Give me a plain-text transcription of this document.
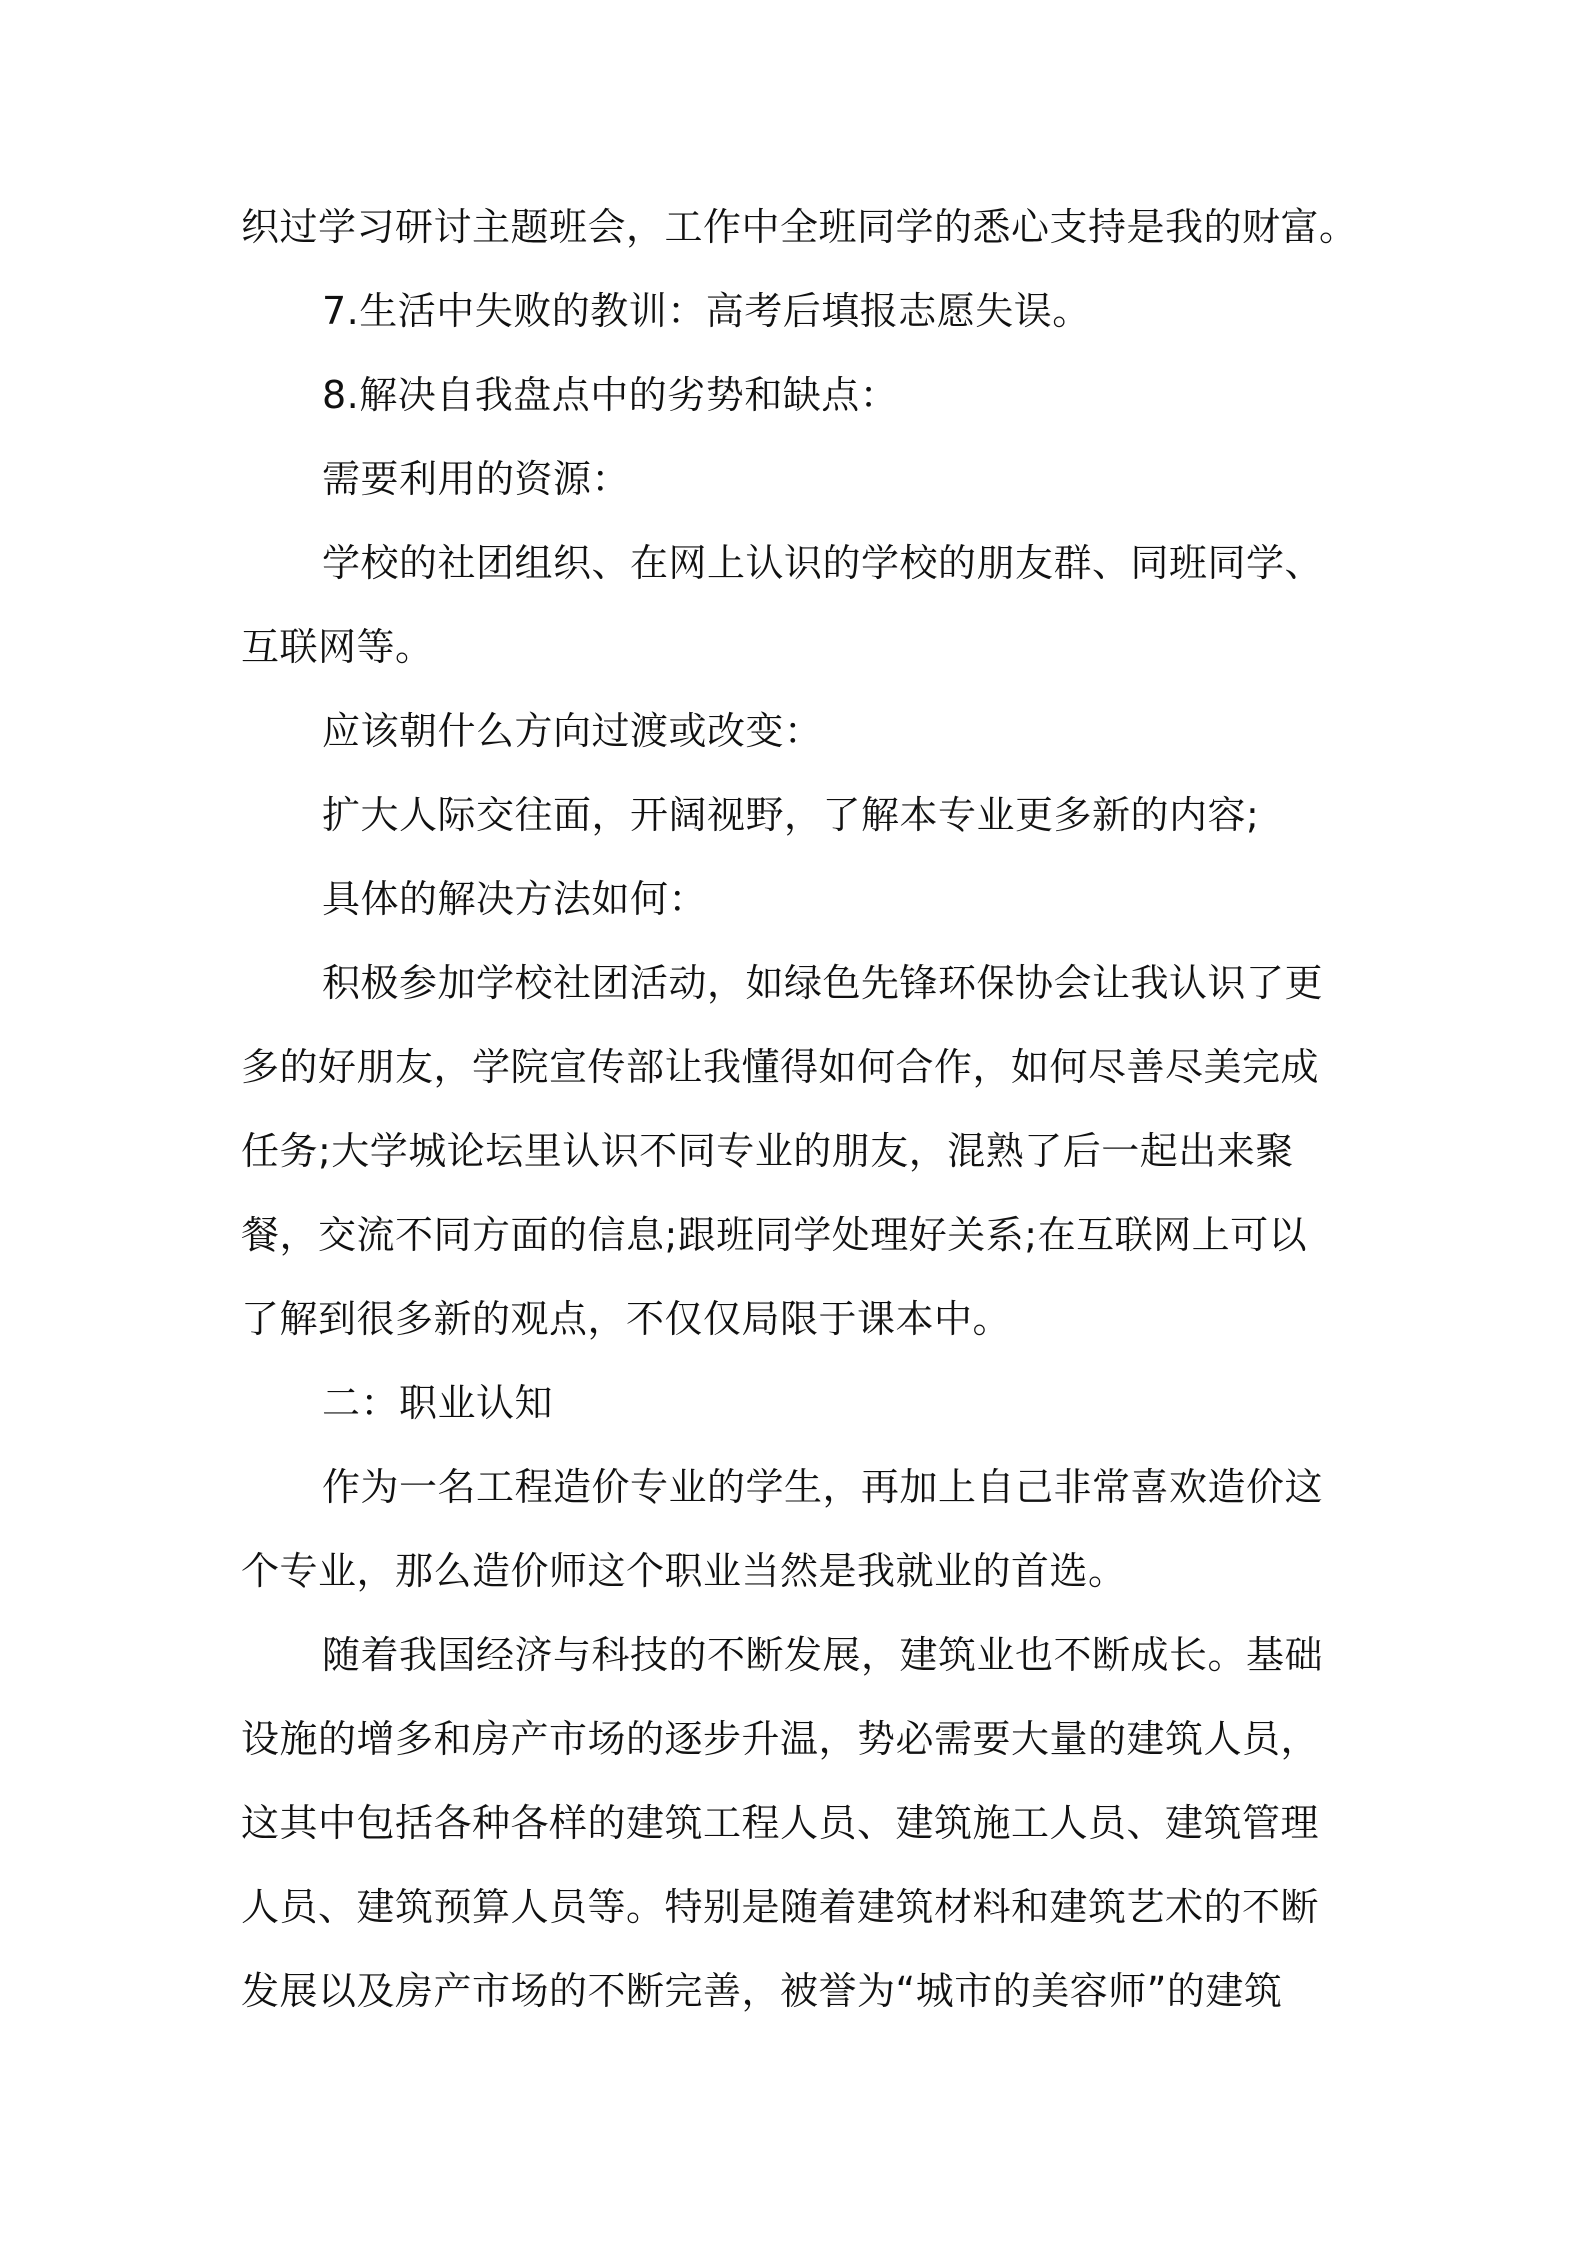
织过学习研讨主题班会，工作中全班同学的悉心支持是我的财富。
7.生活中失败的教训：高考后填报志愿失误。
8.解决自我盘点中的劣势和缺点：
需要利用的资源：
学校的社团组织、在网上认识的学校的朋友群、同班同学、
互联网等。
应该朝什么方向过渡或改变：
扩大人际交往面，开阔视野，了解本专业更多新的内容;
具体的解决方法如何：
积极参加学校社团活动，如绿色先锋环保协会让我认识了更
多的好朋友，学院宣传部让我懂得如何合作，如何尽善尽美完成
任务;大学城论坛里认识不同专业的朋友，混熟了后一起出来聚
餐，交流不同方面的信息;跟班同学处理好关系;在互联网上可以
了解到很多新的观点，不仅仅局限于课本中。
二：职业认知
作为一名工程造价专业的学生，再加上自己非常喜欢造价这
个专业，那么造价师这个职业当然是我就业的首选。
随着我国经济与科技的不断发展，建筑业也不断成长。基础
设施的增多和房产市场的逐步升温，势必需要大量的建筑人员，
这其中包括各种各样的建筑工程人员、建筑施工人员、建筑管理
人员、建筑预算人员等。特别是随着建筑材料和建筑艺术的不断
发展以及房产市场的不断完善，被誉为“城市的美容师”的建筑
